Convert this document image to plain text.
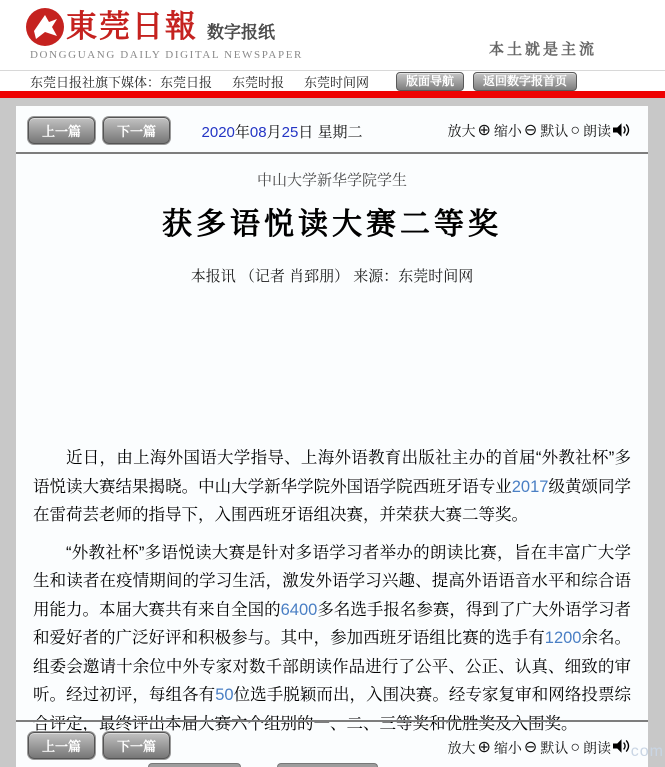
東莞日報 数字报纸
DONGGUANG DAILY DIGITAL NEWSPAPER	本土就是主流
东莞日报社旗下媒体： 东莞日报 东莞时报 东莞时间网	版面导航	返回数字报首页
上一篇	下一篇	2020年08月25日 星期二	放大 ⊕ 缩小 ⊖ 默认 ○ 朗读
中山大学新华学院学生
获多语悦读大赛二等奖
本报讯 （记者 肖郅朋） 来源：东莞时间网

近日，由上海外国语大学指导、上海外语教育出版社主办的首届“外教社杯”多语悦读大赛结果揭晓。中山大学新华学院外国语学院西班牙语专业2017级黄颂同学在雷荷芸老师的指导下，入围西班牙语组决赛，并荣获大赛二等奖。

“外教社杯”多语悦读大赛是针对多语学习者举办的朗读比赛，旨在丰富广大学生和读者在疫情期间的学习生活，激发外语学习兴趣、提高外语语音水平和综合语用能力。本届大赛共有来自全国的6400多名选手报名参赛，得到了广大外语学习者和爱好者的广泛好评和积极参与。其中，参加西班牙语组比赛的选手有1200余名。组委会邀请十余位中外专家对数千部朗读作品进行了公平、公正、认真、细致的审听。经过初评，每组各有50位选手脱颖而出，入围决赛。经专家复审和网络投票综合评定，最终评出本届大赛六个组别的一、二、三等奖和优胜奖及入围奖。

上一篇	下一篇	放大 ⊕ 缩小 ⊖ 默认 ○ 朗读 com
